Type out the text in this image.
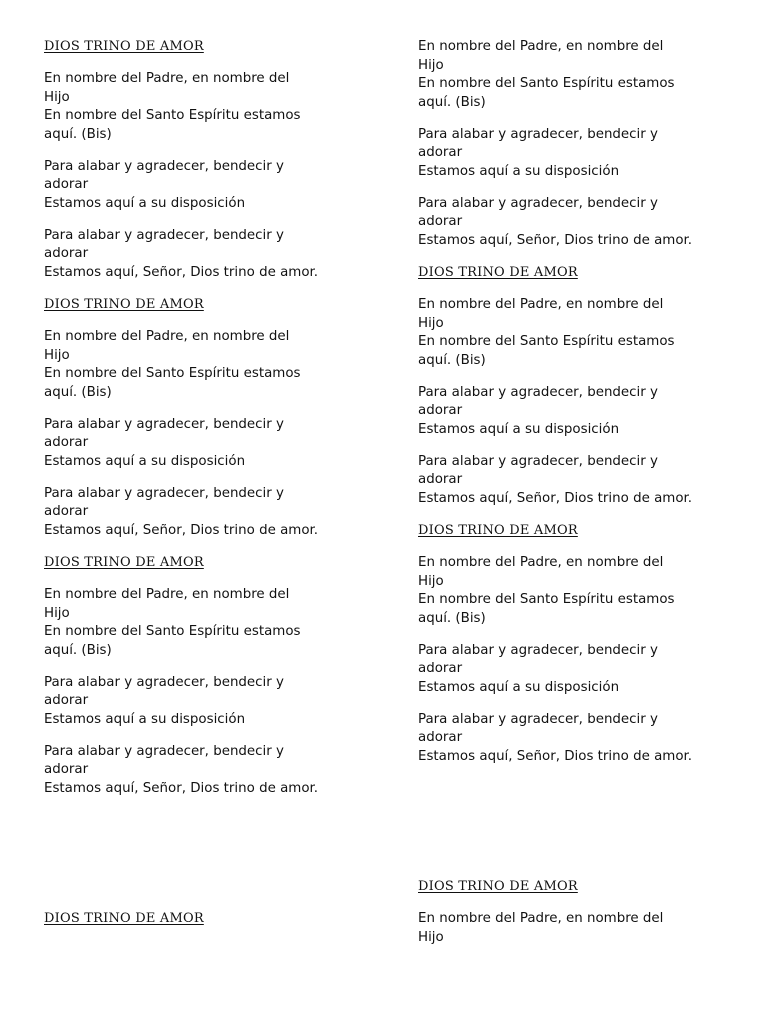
DIOS TRINO DE AMOR
En nombre del Padre, en nombre del
Hijo
En nombre del Santo Espíritu estamos
aquí. (Bis)
Para alabar y agradecer, bendecir y
adorar
Estamos aquí a su disposición
Para alabar y agradecer, bendecir y
adorar
Estamos aquí, Señor, Dios trino de amor.
DIOS TRINO DE AMOR
En nombre del Padre, en nombre del
Hijo
En nombre del Santo Espíritu estamos
aquí. (Bis)
Para alabar y agradecer, bendecir y
adorar
Estamos aquí a su disposición
Para alabar y agradecer, bendecir y
adorar
Estamos aquí, Señor, Dios trino de amor.
DIOS TRINO DE AMOR
En nombre del Padre, en nombre del
Hijo
En nombre del Santo Espíritu estamos
aquí. (Bis)
Para alabar y agradecer, bendecir y
adorar
Estamos aquí a su disposición
Para alabar y agradecer, bendecir y
adorar
Estamos aquí, Señor, Dios trino de amor.
DIOS TRINO DE AMOR
En nombre del Padre, en nombre del
Hijo
En nombre del Santo Espíritu estamos
aquí. (Bis)
Para alabar y agradecer, bendecir y
adorar
Estamos aquí a su disposición
Para alabar y agradecer, bendecir y
adorar
Estamos aquí, Señor, Dios trino de amor.
DIOS TRINO DE AMOR
En nombre del Padre, en nombre del
Hijo
En nombre del Santo Espíritu estamos
aquí. (Bis)
Para alabar y agradecer, bendecir y
adorar
Estamos aquí a su disposición
Para alabar y agradecer, bendecir y
adorar
Estamos aquí, Señor, Dios trino de amor.
DIOS TRINO DE AMOR
En nombre del Padre, en nombre del
Hijo
En nombre del Santo Espíritu estamos
aquí. (Bis)
Para alabar y agradecer, bendecir y
adorar
Estamos aquí a su disposición
Para alabar y agradecer, bendecir y
adorar
Estamos aquí, Señor, Dios trino de amor.
DIOS TRINO DE AMOR
En nombre del Padre, en nombre del
Hijo
